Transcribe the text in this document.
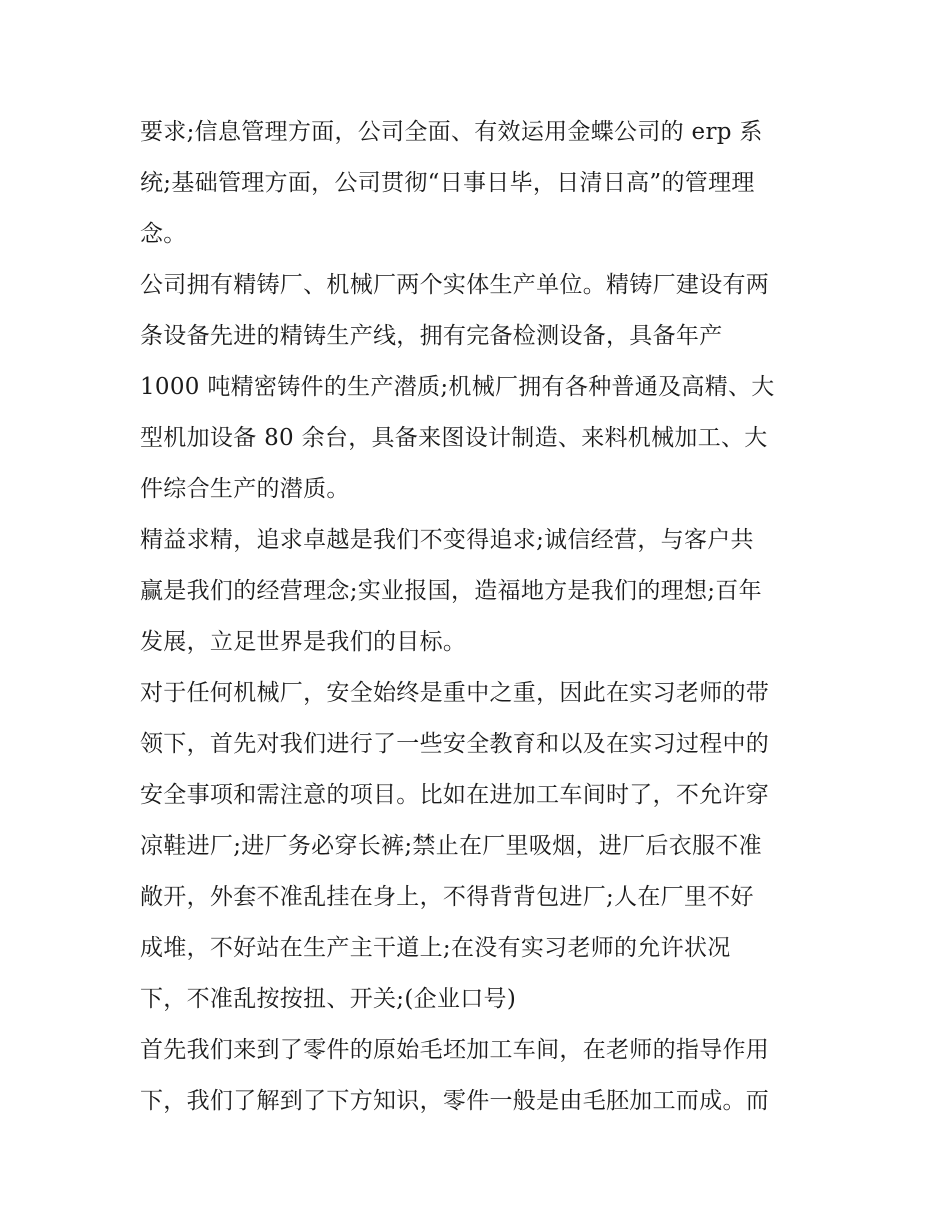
要求;信息管理方面，公司全面、有效运用金蝶公司的 erp 系
统;基础管理方面，公司贯彻“日事日毕，日清日高”的管理理
念。
公司拥有精铸厂、机械厂两个实体生产单位。精铸厂建设有两
条设备先进的精铸生产线，拥有完备检测设备，具备年产
1000 吨精密铸件的生产潜质;机械厂拥有各种普通及高精、大
型机加设备 80 余台，具备来图设计制造、来料机械加工、大
件综合生产的潜质。
精益求精，追求卓越是我们不变得追求;诚信经营，与客户共
赢是我们的经营理念;实业报国，造福地方是我们的理想;百年
发展，立足世界是我们的目标。
对于任何机械厂，安全始终是重中之重，因此在实习老师的带
领下，首先对我们进行了一些安全教育和以及在实习过程中的
安全事项和需注意的项目。比如在进加工车间时了，不允许穿
凉鞋进厂;进厂务必穿长裤;禁止在厂里吸烟，进厂后衣服不准
敞开，外套不准乱挂在身上，不得背背包进厂;人在厂里不好
成堆，不好站在生产主干道上;在没有实习老师的允许状况
下，不准乱按按扭、开关;(企业口号)
首先我们来到了零件的原始毛坯加工车间，在老师的指导作用
下，我们了解到了下方知识，零件一般是由毛胚加工而成。而
